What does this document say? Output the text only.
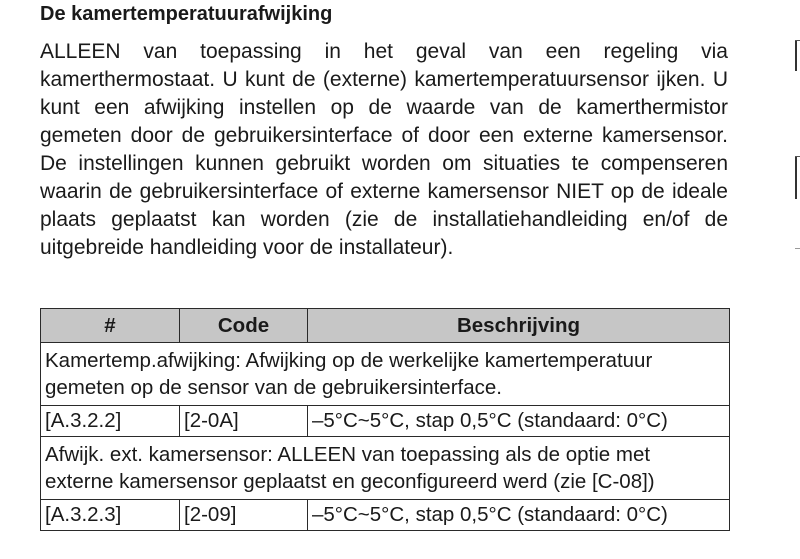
De kamertemperatuurafwijking

ALLEEN van toepassing in het geval van een regeling via kamerthermostaat. U kunt de (externe) kamertemperatuursensor ijken. U kunt een afwijking instellen op de waarde van de kamerthermistor gemeten door de gebruikersinterface of door een externe kamersensor. De instellingen kunnen gebruikt worden om situaties te compenseren waarin de gebruikersinterface of externe kamersensor NIET op de ideale plaats geplaatst kan worden (zie de installatiehandleiding en/of de uitgebreide handleiding voor de installateur).

#	Code	Beschrijving

Kamertemp.afwijking: Afwijking op de werkelijke kamertemperatuur
gemeten op de sensor van de gebruikersinterface.		

[A.3.2.2]	[2-0A]	–5°C~5°C, stap 0,5°C (standaard: 0°C)

Afwijk. ext. kamersensor: ALLEEN van toepassing als de optie met
externe kamersensor geplaatst en geconfigureerd werd (zie [C-08])		

[A.3.2.3]	[2-09]	–5°C~5°C, stap 0,5°C (standaard: 0°C)
